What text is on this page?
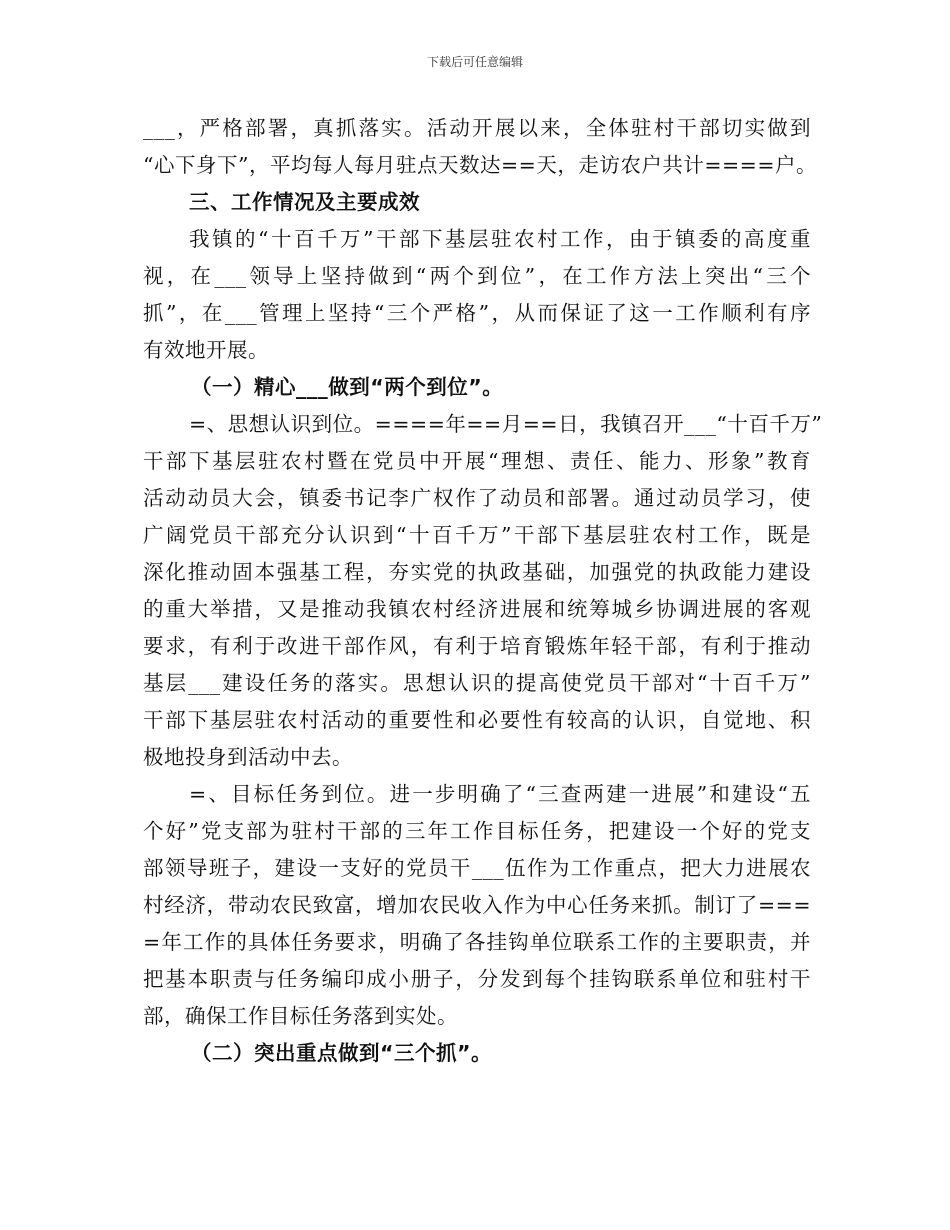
下载后可任意编辑
___，严格部署，真抓落实。活动开展以来，全体驻村干部切实做到
“心下身下”，平均每人每月驻点天数达==天，走访农户共计====户。
三、工作情况及主要成效
我镇的“十百千万”干部下基层驻农村工作，由于镇委的高度重
视，在___领导上坚持做到“两个到位”，在工作方法上突出“三个
抓”，在___管理上坚持“三个严格”，从而保证了这一工作顺利有序
有效地开展。
（一）精心___做到“两个到位”。
=、思想认识到位。====年==月==日，我镇召开___“十百千万”
干部下基层驻农村暨在党员中开展“理想、责任、能力、形象”教育
活动动员大会，镇委书记李广权作了动员和部署。通过动员学习，使
广阔党员干部充分认识到“十百千万”干部下基层驻农村工作，既是
深化推动固本强基工程，夯实党的执政基础，加强党的执政能力建设
的重大举措，又是推动我镇农村经济进展和统筹城乡协调进展的客观
要求，有利于改进干部作风，有利于培育锻炼年轻干部，有利于推动
基层___建设任务的落实。思想认识的提高使党员干部对“十百千万”
干部下基层驻农村活动的重要性和必要性有较高的认识，自觉地、积
极地投身到活动中去。
=、目标任务到位。进一步明确了“三查两建一进展”和建设“五
个好”党支部为驻村干部的三年工作目标任务，把建设一个好的党支
部领导班子，建设一支好的党员干___伍作为工作重点，把大力进展农
村经济，带动农民致富，增加农民收入作为中心任务来抓。制订了===
=年工作的具体任务要求，明确了各挂钩单位联系工作的主要职责，并
把基本职责与任务编印成小册子，分发到每个挂钩联系单位和驻村干
部，确保工作目标任务落到实处。
（二）突出重点做到“三个抓”。
